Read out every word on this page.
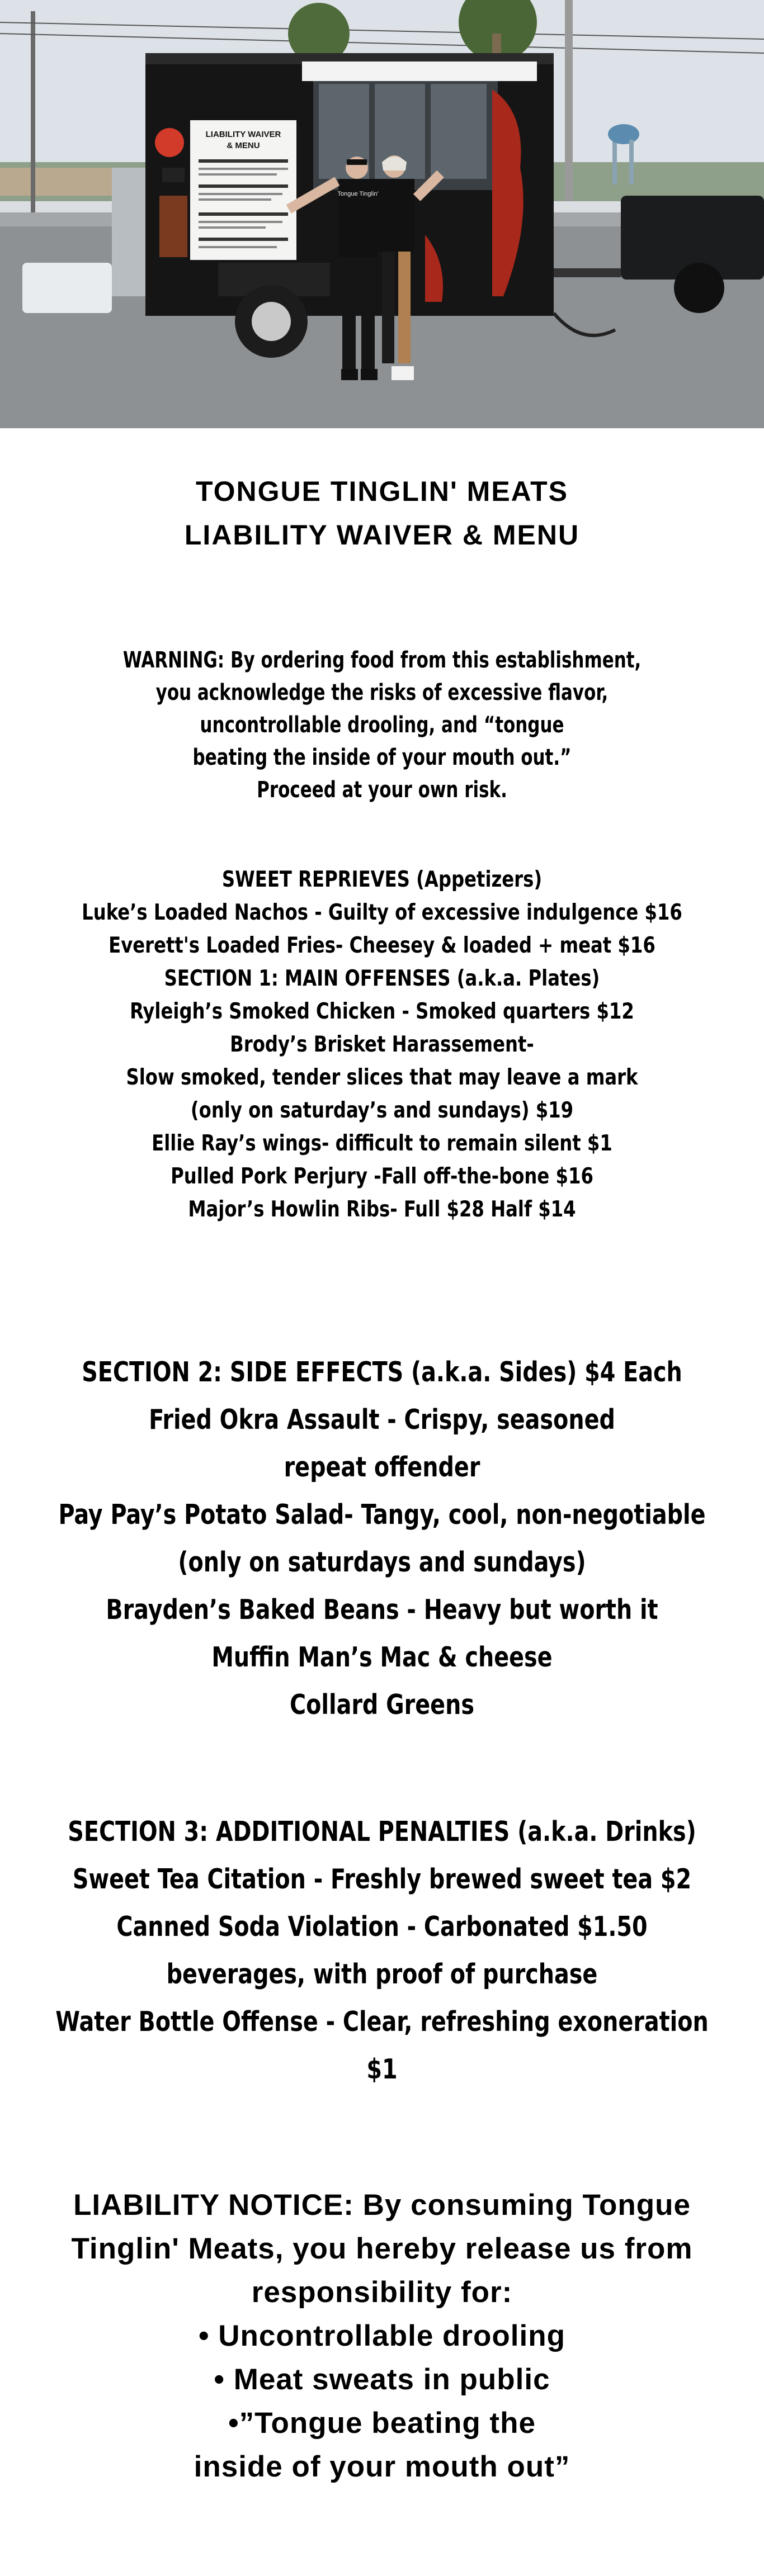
LIABILITY WAIVER
& MENU
Tongue Tinglin'
TONGUE TINGLIN' MEATS
LIABILITY WAIVER & MENU
WARNING: By ordering food from this establishment,
you acknowledge the risks of excessive flavor,
uncontrollable drooling, and “tongue
beating the inside of your mouth out.”
Proceed at your own risk.
SWEET REPRIEVES (Appetizers)
Luke’s Loaded Nachos - Guilty of excessive indulgence $16
Everett's Loaded Fries- Cheesey & loaded + meat $16
SECTION 1: MAIN OFFENSES (a.k.a. Plates)
Ryleigh’s Smoked Chicken - Smoked quarters $12
Brody’s Brisket Harassement-
Slow smoked, tender slices that may leave a mark
(only on saturday’s and sundays) $19
Ellie Ray’s wings- difficult to remain silent $1
Pulled Pork Perjury -Fall off-the-bone $16
Major’s Howlin Ribs- Full $28 Half $14
SECTION 2: SIDE EFFECTS (a.k.a. Sides) $4 Each
Fried Okra Assault - Crispy, seasoned
repeat offender
Pay Pay’s Potato Salad- Tangy, cool, non-negotiable
(only on saturdays and sundays)
Brayden’s Baked Beans - Heavy but worth it
Muffin Man’s Mac & cheese
Collard Greens
SECTION 3: ADDITIONAL PENALTIES (a.k.a. Drinks)
Sweet Tea Citation - Freshly brewed sweet tea $2
Canned Soda Violation - Carbonated $1.50
beverages, with proof of purchase
Water Bottle Offense - Clear, refreshing exoneration
$1
LIABILITY NOTICE: By consuming Tongue
Tinglin' Meats, you hereby release us from
responsibility for:
• Uncontrollable drooling
• Meat sweats in public
•”Tongue beating the
inside of your mouth out”
